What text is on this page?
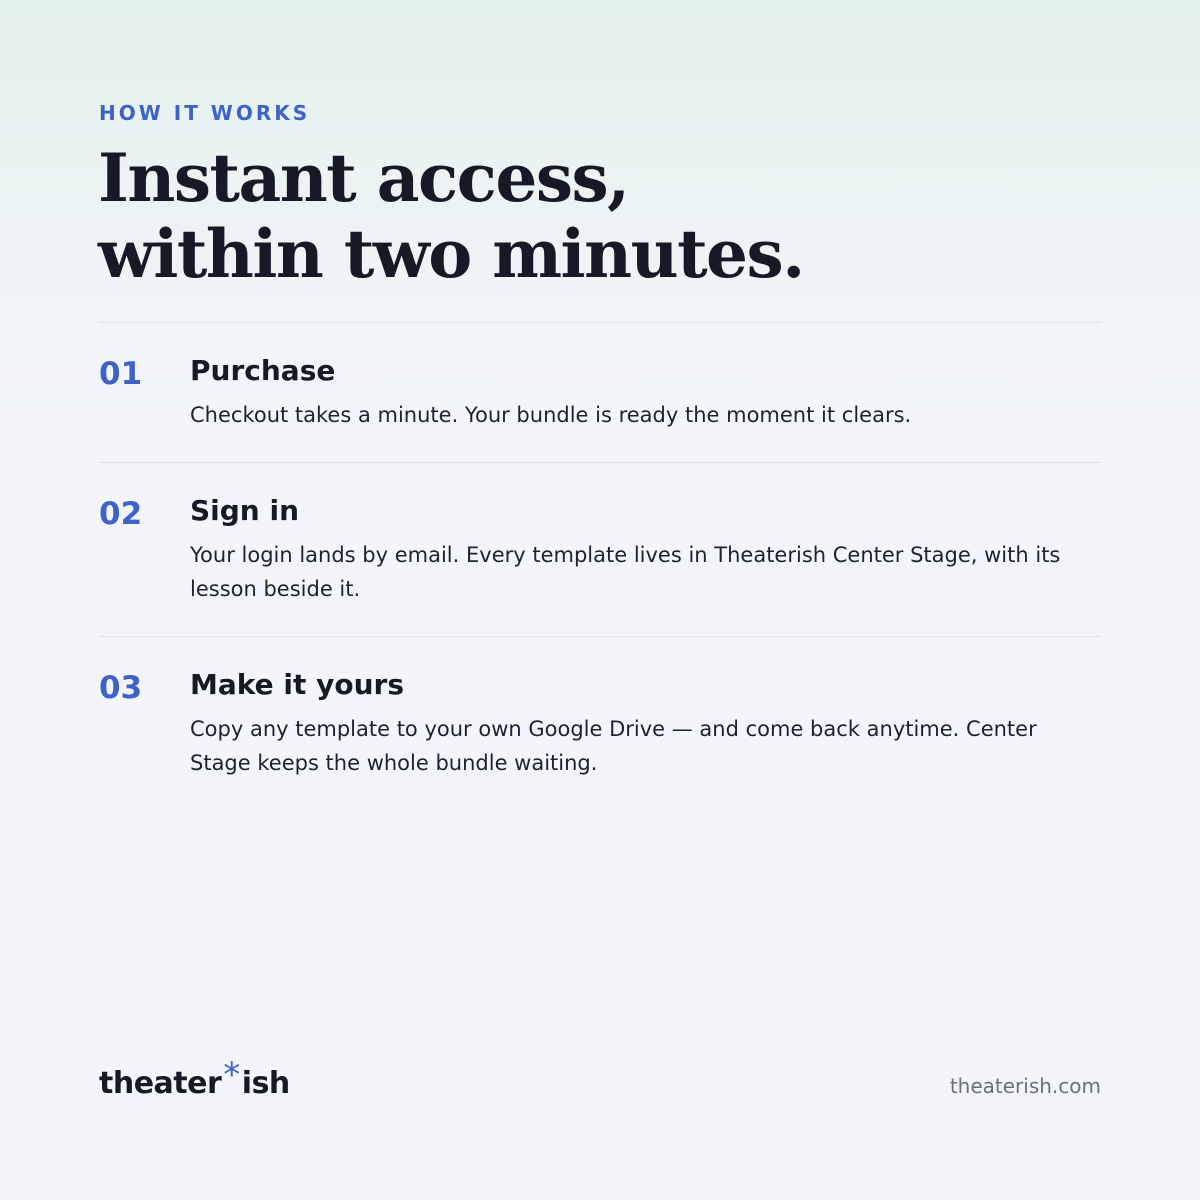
HOW IT WORKS
Instant access,
within two minutes.
01 Purchase
Checkout takes a minute. Your bundle is ready the moment it clears.
02 Sign in
Your login lands by email. Every template lives in Theaterish Center Stage, with its lesson beside it.
03 Make it yours
Copy any template to your own Google Drive — and come back anytime. Center Stage keeps the whole bundle waiting.
theater*ish	theaterish.com
